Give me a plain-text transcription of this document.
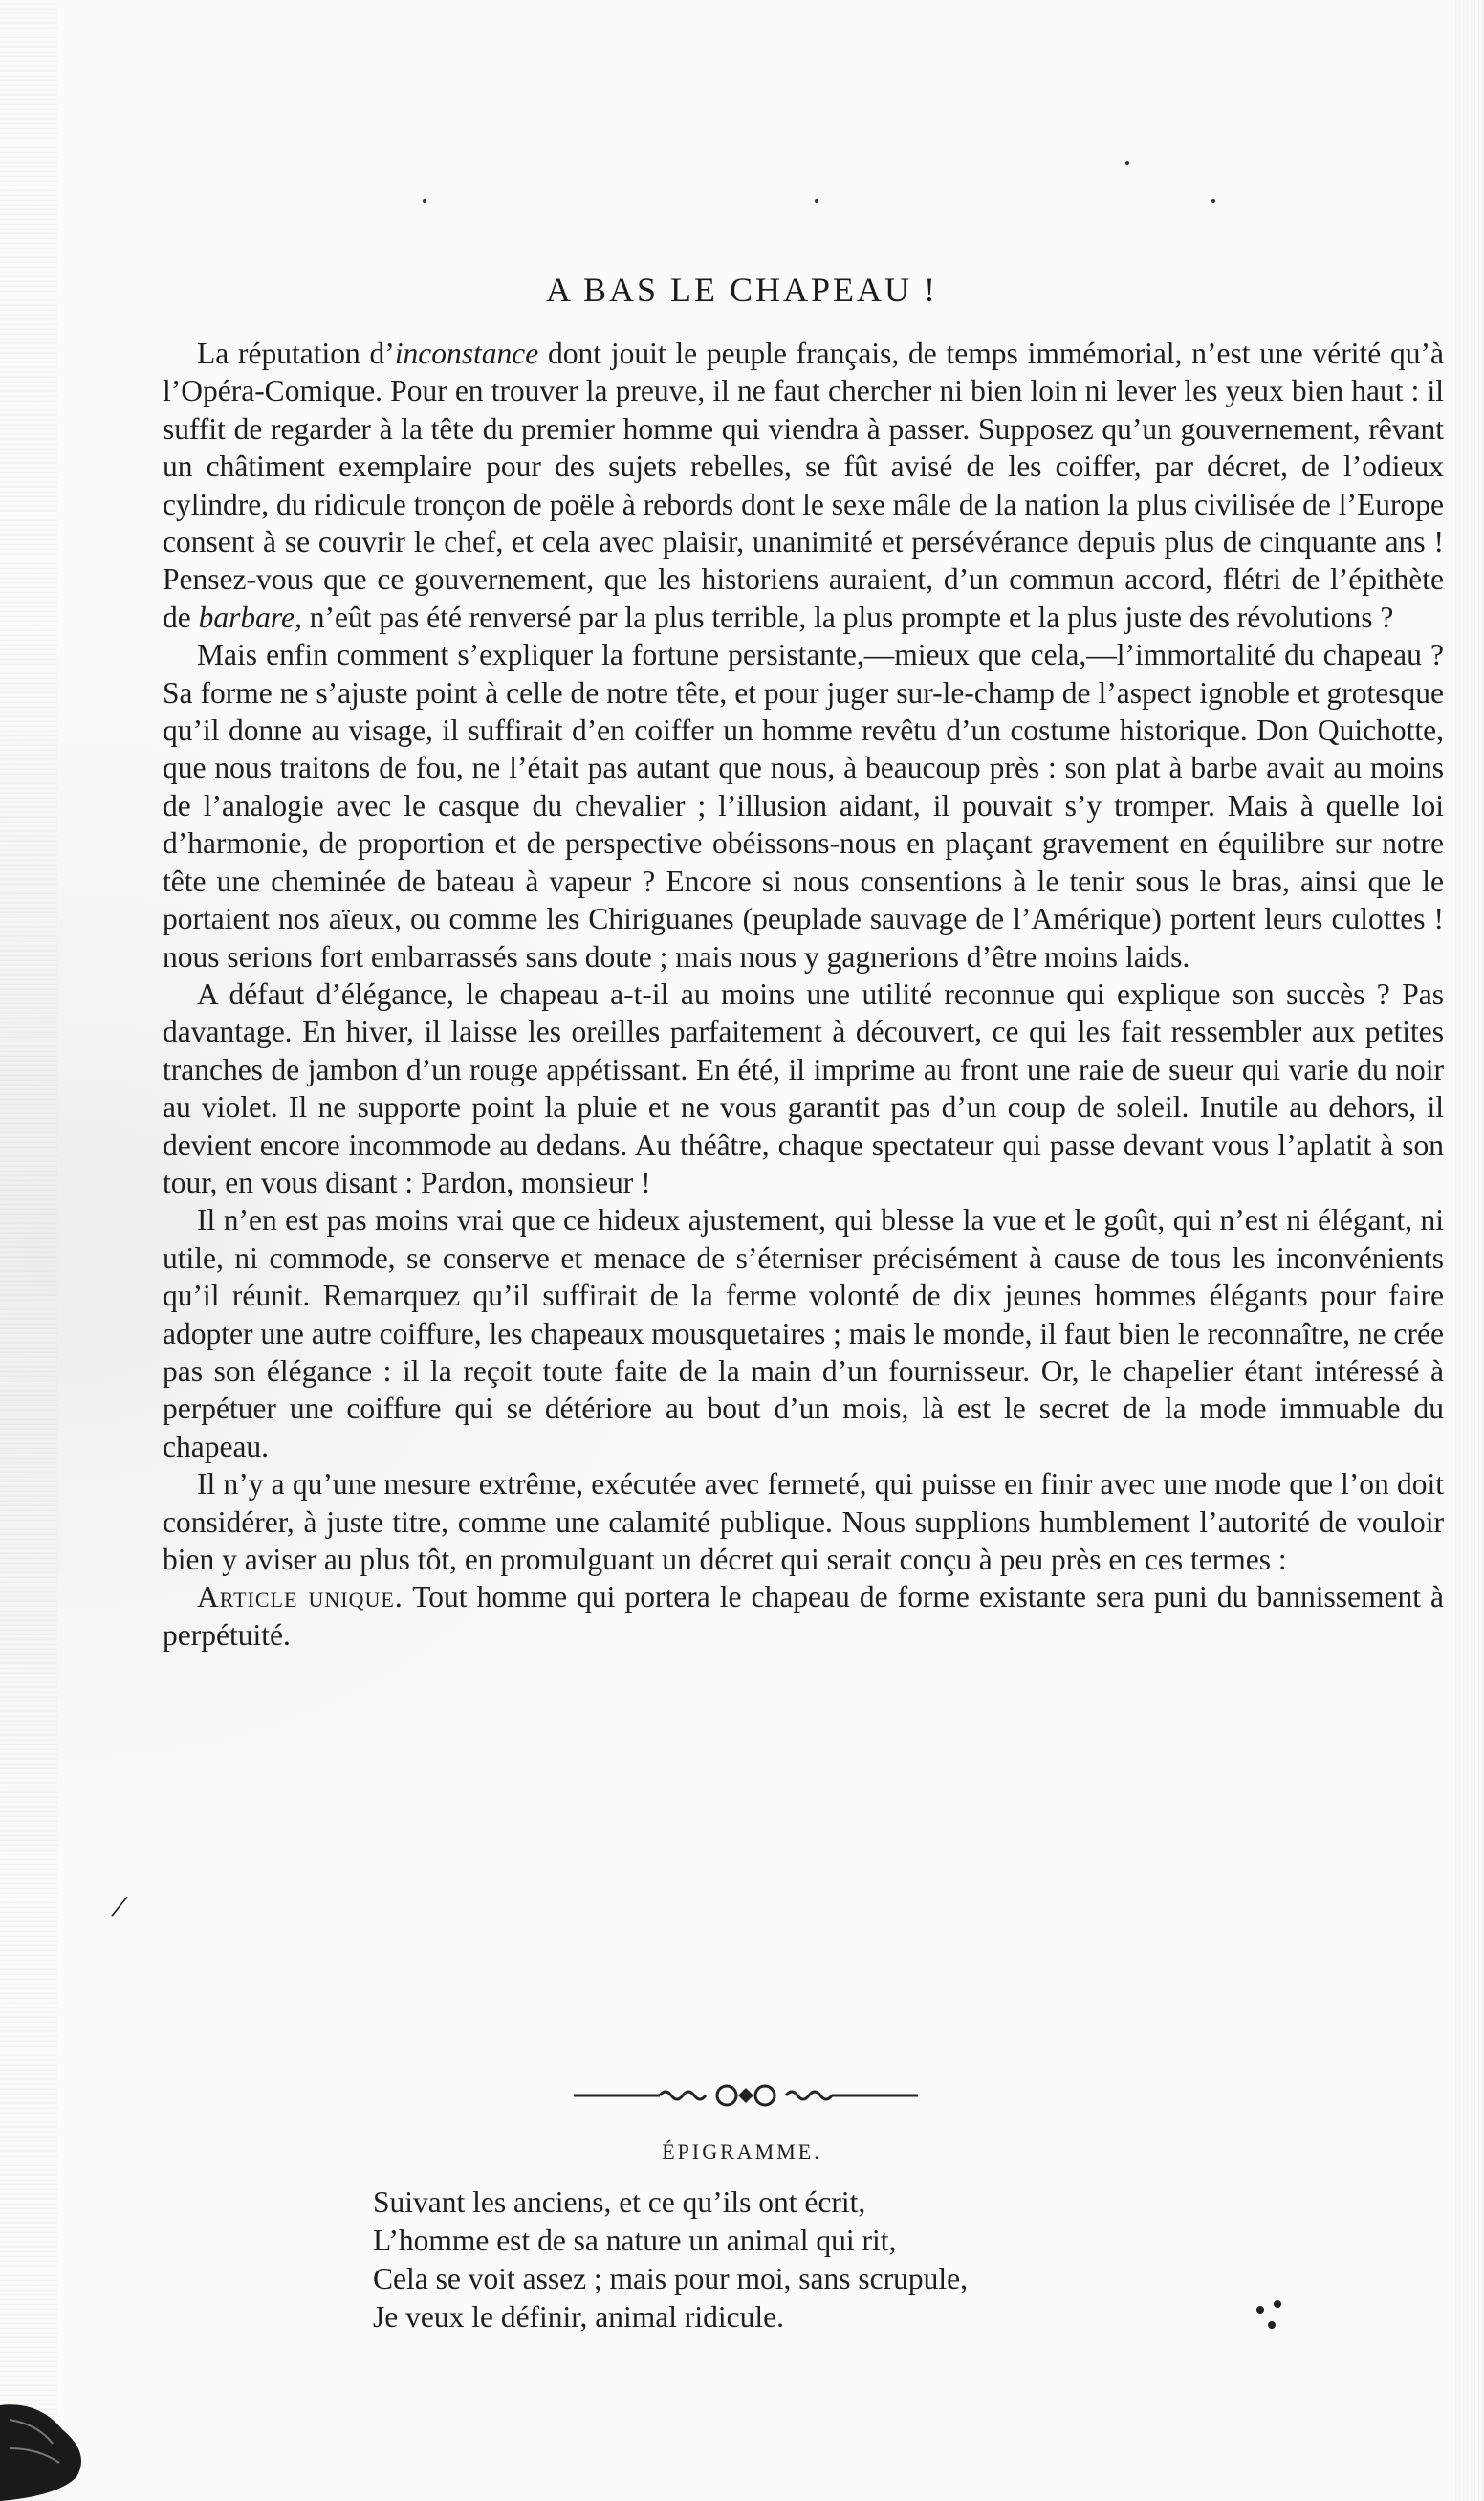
A BAS LE CHAPEAU !

La réputation d’inconstance dont jouit le peuple français, de temps immémorial, n’est une vérité qu’à l’Opéra-Comique. Pour en trouver la preuve, il ne faut chercher ni bien loin ni lever les yeux bien haut : il suffit de regarder à la tête du premier homme qui viendra à passer. Supposez qu’un gouvernement, rêvant un châtiment exemplaire pour des sujets rebelles, se fût avisé de les coiffer, par décret, de l’odieux cylindre, du ridicule tronçon de poële à rebords dont le sexe mâle de la nation la plus civilisée de l’Europe consent à se couvrir le chef, et cela avec plaisir, unanimité et persévérance depuis plus de cinquante ans ! Pensez-vous que ce gouvernement, que les historiens auraient, d’un commun accord, flétri de l’épithète de barbare, n’eût pas été renversé par la plus terrible, la plus prompte et la plus juste des révolutions ?

Mais enfin comment s’expliquer la fortune persistante,—mieux que cela,—l’immortalité du chapeau ? Sa forme ne s’ajuste point à celle de notre tête, et pour juger sur-le-champ de l’aspect ignoble et grotesque qu’il donne au visage, il suffirait d’en coiffer un homme revêtu d’un costume historique. Don Quichotte, que nous traitons de fou, ne l’était pas autant que nous, à beaucoup près : son plat à barbe avait au moins de l’analogie avec le casque du chevalier ; l’illusion aidant, il pouvait s’y tromper. Mais à quelle loi d’harmonie, de proportion et de perspective obéissons-nous en plaçant gravement en équilibre sur notre tête une cheminée de bateau à vapeur ? Encore si nous consentions à le tenir sous le bras, ainsi que le portaient nos aïeux, ou comme les Chiriguanes (peuplade sauvage de l’Amérique) portent leurs culottes ! nous serions fort embarrassés sans doute ; mais nous y gagnerions d’être moins laids.

A défaut d’élégance, le chapeau a-t-il au moins une utilité reconnue qui explique son succès ? Pas davantage. En hiver, il laisse les oreilles parfaitement à découvert, ce qui les fait ressembler aux petites tranches de jambon d’un rouge appétissant. En été, il imprime au front une raie de sueur qui varie du noir au violet. Il ne supporte point la pluie et ne vous garantit pas d’un coup de soleil. Inutile au dehors, il devient encore incommode au dedans. Au théâtre, chaque spectateur qui passe devant vous l’aplatit à son tour, en vous disant : Pardon, monsieur !

Il n’en est pas moins vrai que ce hideux ajustement, qui blesse la vue et le goût, qui n’est ni élégant, ni utile, ni commode, se conserve et menace de s’éterniser précisément à cause de tous les inconvénients qu’il réunit. Remarquez qu’il suffirait de la ferme volonté de dix jeunes hommes élégants pour faire adopter une autre coiffure, les chapeaux mousquetaires ; mais le monde, il faut bien le reconnaître, ne crée pas son élégance : il la reçoit toute faite de la main d’un fournisseur. Or, le chapelier étant intéressé à perpétuer une coiffure qui se détériore au bout d’un mois, là est le secret de la mode immuable du chapeau.

Il n’y a qu’une mesure extrême, exécutée avec fermeté, qui puisse en finir avec une mode que l’on doit considérer, à juste titre, comme une calamité publique. Nous supplions humblement l’autorité de vouloir bien y aviser au plus tôt, en promulguant un décret qui serait conçu à peu près en ces termes :

Article unique. Tout homme qui portera le chapeau de forme existante sera puni du bannissement à perpétuité.

/
ÉPIGRAMME.
Suivant les anciens, et ce qu’ils ont écrit,
L’homme est de sa nature un animal qui rit,
Cela se voit assez ; mais pour moi, sans scrupule,
Je veux le définir, animal ridicule.
